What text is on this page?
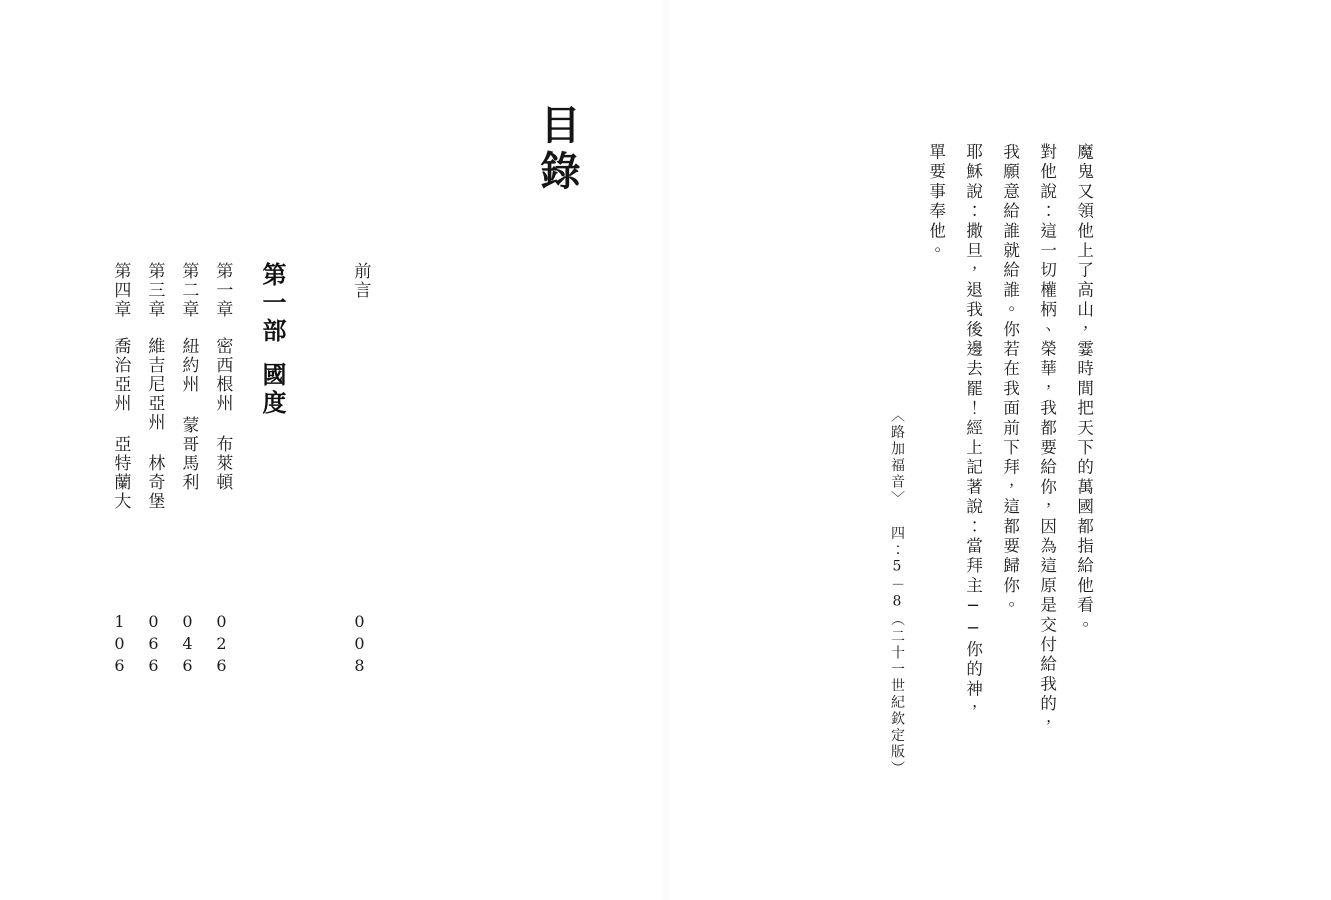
目錄
前言
008
第一部國度
第一章密西根州 布萊頓
026
第二章紐約州 蒙哥馬利
046
第三章維吉尼亞州 林奇堡
066
第四章喬治亞州 亞特蘭大
106
魔鬼又領他上了高山，霎時間把天下的萬國都指給他看。
對他說：這一切權柄、榮華，我都要給你，因為這原是交付給我的，
我願意給誰就給誰。你若在我面前下拜，這都要歸你。
耶穌說：撒旦，退我後邊去罷！經上記著說：當拜主──你的神，
單要事奉他。
〈路加福音〉 四：5－8（二十一世紀欽定版）
